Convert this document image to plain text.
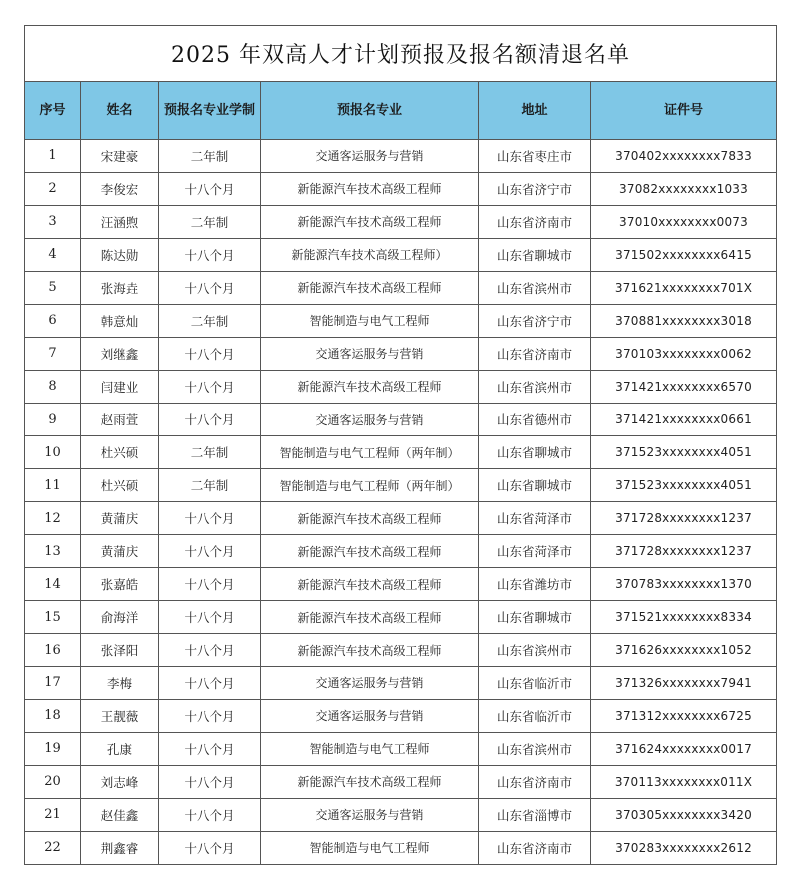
2025 年双高人才计划预报及报名额清退名单					
序号	姓名	预报名专业学制	预报名专业	地址	证件号
1	宋建豪	二年制	交通客运服务与营销	山东省枣庄市	370402xxxxxxxx7833
2	李俊宏	十八个月	新能源汽车技术高级工程师	山东省济宁市	37082xxxxxxxx1033
3	汪涵煦	二年制	新能源汽车技术高级工程师	山东省济南市	37010xxxxxxxx0073
4	陈达勋	十八个月	新能源汽车技术高级工程师）	山东省聊城市	371502xxxxxxxx6415
5	张海垚	十八个月	新能源汽车技术高级工程师	山东省滨州市	371621xxxxxxxx701X
6	韩意灿	二年制	智能制造与电气工程师	山东省济宁市	370881xxxxxxxx3018
7	刘继鑫	十八个月	交通客运服务与营销	山东省济南市	370103xxxxxxxx0062
8	闫建业	十八个月	新能源汽车技术高级工程师	山东省滨州市	371421xxxxxxxx6570
9	赵雨萱	十八个月	交通客运服务与营销	山东省德州市	371421xxxxxxxx0661
10	杜兴硕	二年制	智能制造与电气工程师（两年制）	山东省聊城市	371523xxxxxxxx4051
11	杜兴硕	二年制	智能制造与电气工程师（两年制）	山东省聊城市	371523xxxxxxxx4051
12	黄蒲庆	十八个月	新能源汽车技术高级工程师	山东省菏泽市	371728xxxxxxxx1237
13	黄蒲庆	十八个月	新能源汽车技术高级工程师	山东省菏泽市	371728xxxxxxxx1237
14	张嘉皓	十八个月	新能源汽车技术高级工程师	山东省潍坊市	370783xxxxxxxx1370
15	俞海洋	十八个月	新能源汽车技术高级工程师	山东省聊城市	371521xxxxxxxx8334
16	张泽阳	十八个月	新能源汽车技术高级工程师	山东省滨州市	371626xxxxxxxx1052
17	李梅	十八个月	交通客运服务与营销	山东省临沂市	371326xxxxxxxx7941
18	王靓薇	十八个月	交通客运服务与营销	山东省临沂市	371312xxxxxxxx6725
19	孔康	十八个月	智能制造与电气工程师	山东省滨州市	371624xxxxxxxx0017
20	刘志峰	十八个月	新能源汽车技术高级工程师	山东省济南市	370113xxxxxxxx011X
21	赵佳鑫	十八个月	交通客运服务与营销	山东省淄博市	370305xxxxxxxx3420
22	荆鑫睿	十八个月	智能制造与电气工程师	山东省济南市	370283xxxxxxxx2612
